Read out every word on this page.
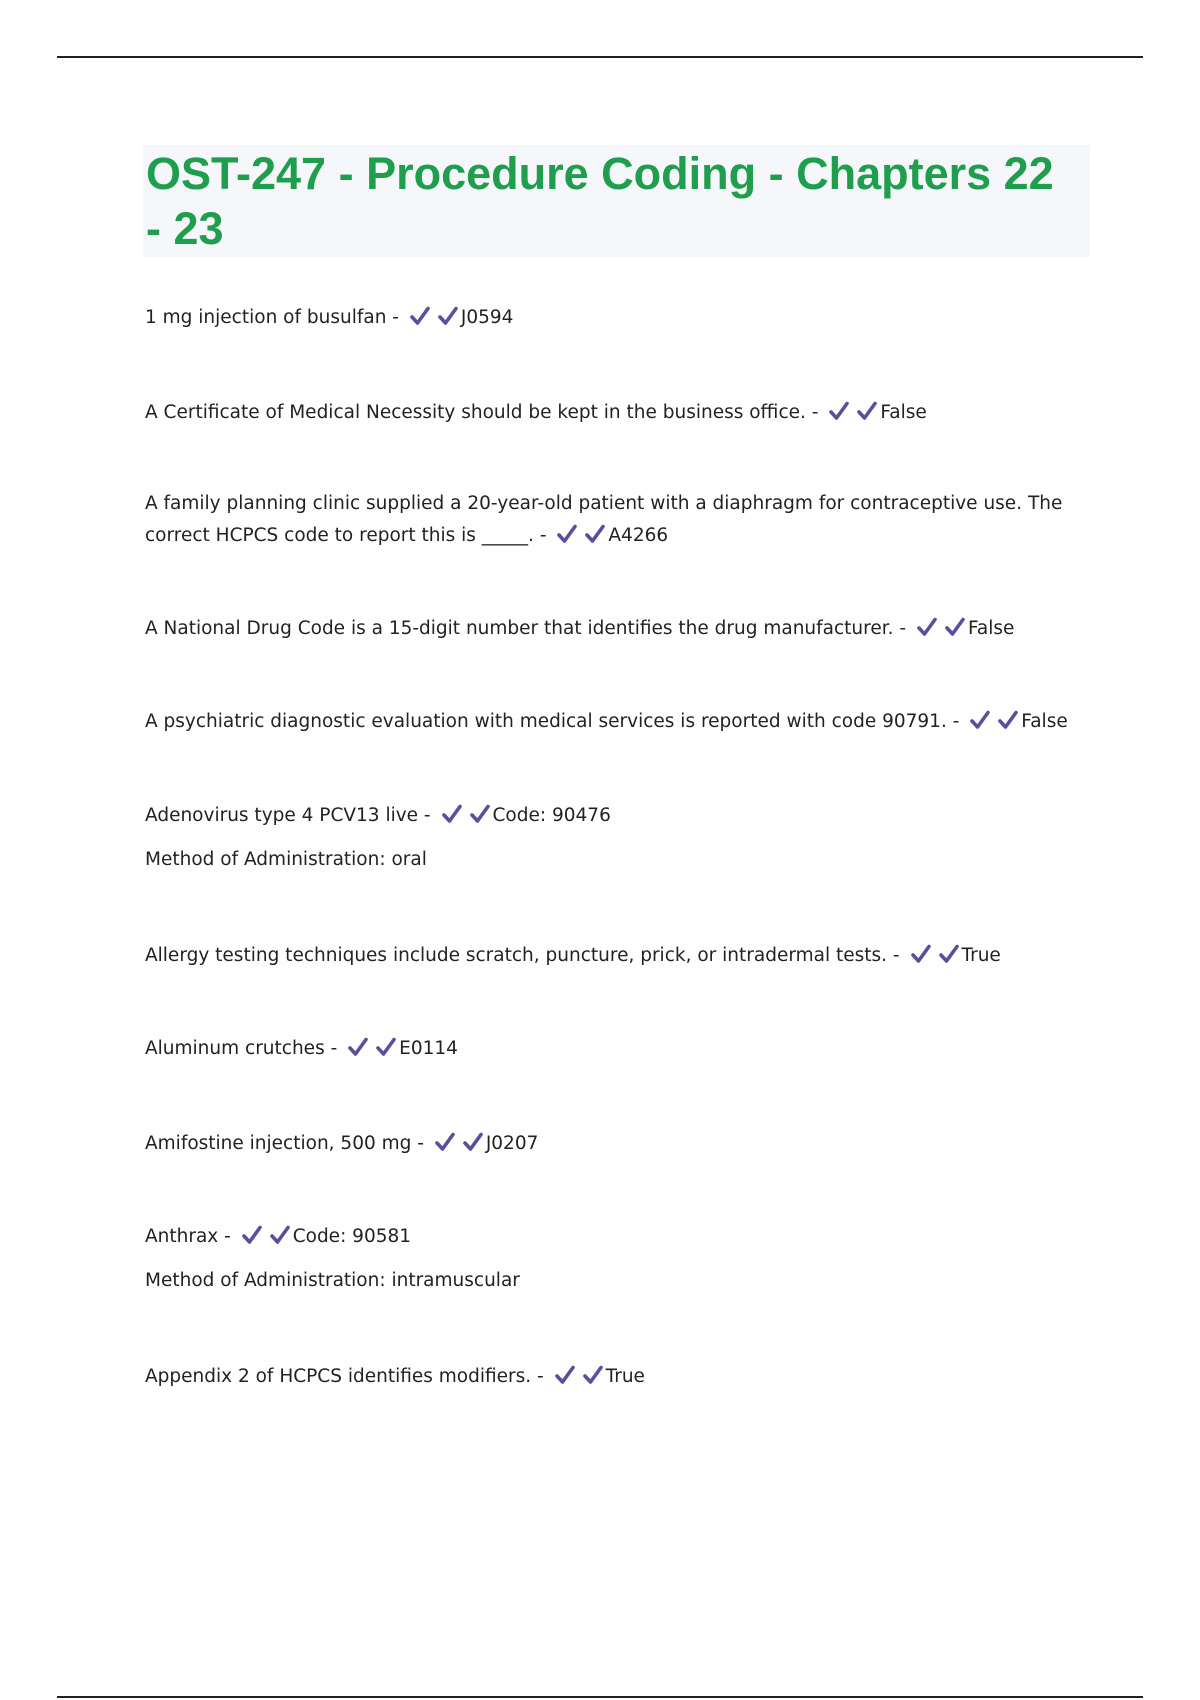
OST-247 - Procedure Coding - Chapters 22 - 23

1 mg injection of busulfan -	J0594

A Certificate of Medical Necessity should be kept in the business office. -	False

A family planning clinic supplied a 20-year-old patient with a diaphragm for contraceptive use. The correct HCPCS code to report this is _____. -	A4266

A National Drug Code is a 15-digit number that identifies the drug manufacturer. -	False

A psychiatric diagnostic evaluation with medical services is reported with code 90791. -	False

Adenovirus type 4 PCV13 live -	Code: 90476
Method of Administration: oral

Allergy testing techniques include scratch, puncture, prick, or intradermal tests. -	True

Aluminum crutches -	E0114

Amifostine injection, 500 mg -	J0207

Anthrax -	Code: 90581
Method of Administration: intramuscular

Appendix 2 of HCPCS identifies modifiers. -	True
